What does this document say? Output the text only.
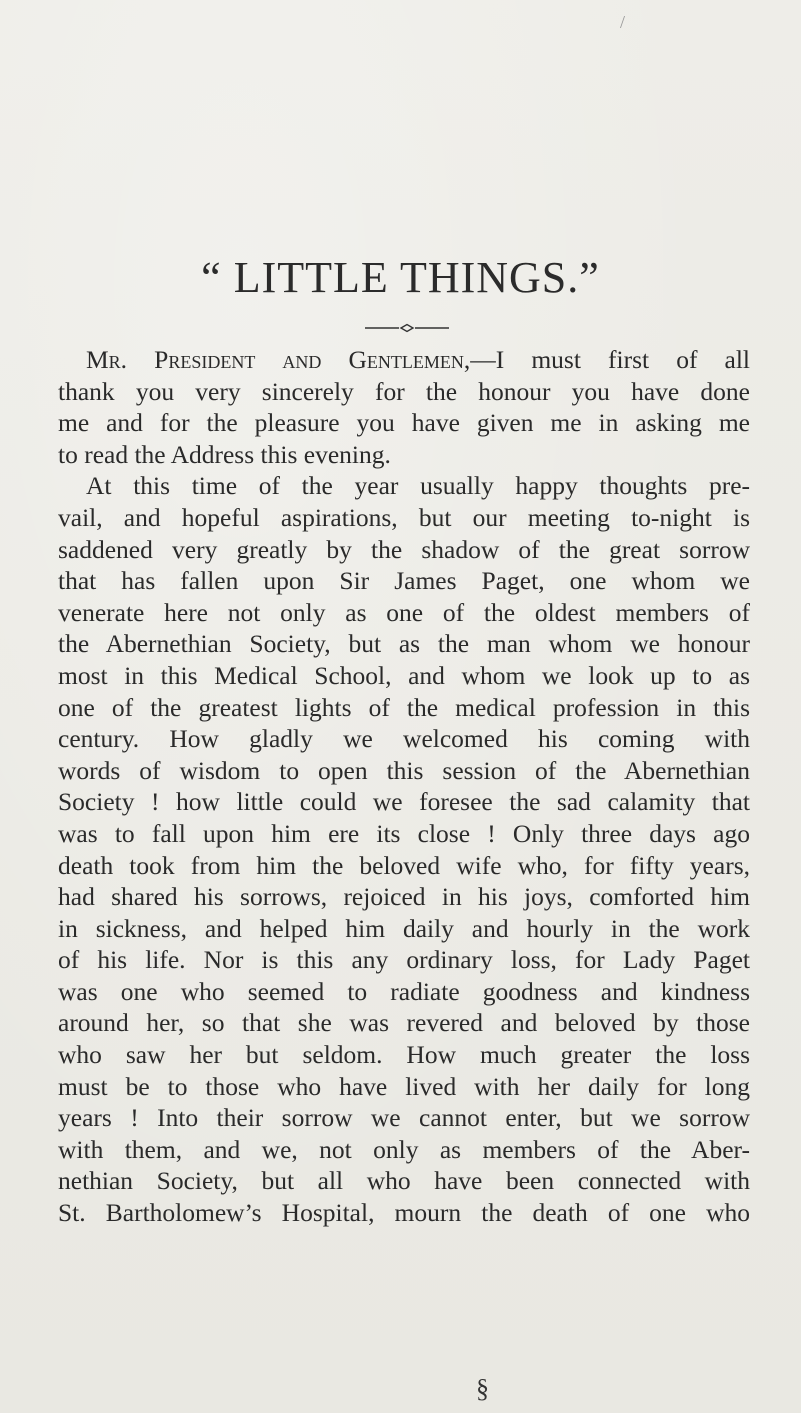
/
“ LITTLE THINGS.”
Mr. President and Gentlemen,—I must first of all
thank you very sincerely for the honour you have done
me and for the pleasure you have given me in asking me
to read the Address this evening.
At this time of the year usually happy thoughts pre-
vail, and hopeful aspirations, but our meeting to-night is
saddened very greatly by the shadow of the great sorrow
that has fallen upon Sir James Paget, one whom we
venerate here not only as one of the oldest members of
the Abernethian Society, but as the man whom we honour
most in this Medical School, and whom we look up to as
one of the greatest lights of the medical profession in this
century. How gladly we welcomed his coming with
words of wisdom to open this session of the Abernethian
Society ! how little could we foresee the sad calamity that
was to fall upon him ere its close ! Only three days ago
death took from him the beloved wife who, for fifty years,
had shared his sorrows, rejoiced in his joys, comforted him
in sickness, and helped him daily and hourly in the work
of his life. Nor is this any ordinary loss, for Lady Paget
was one who seemed to radiate goodness and kindness
around her, so that she was revered and beloved by those
who saw her but seldom. How much greater the loss
must be to those who have lived with her daily for long
years ! Into their sorrow we cannot enter, but we sorrow
with them, and we, not only as members of the Aber-
nethian Society, but all who have been connected with
St. Bartholomew’s Hospital, mourn the death of one who
§
